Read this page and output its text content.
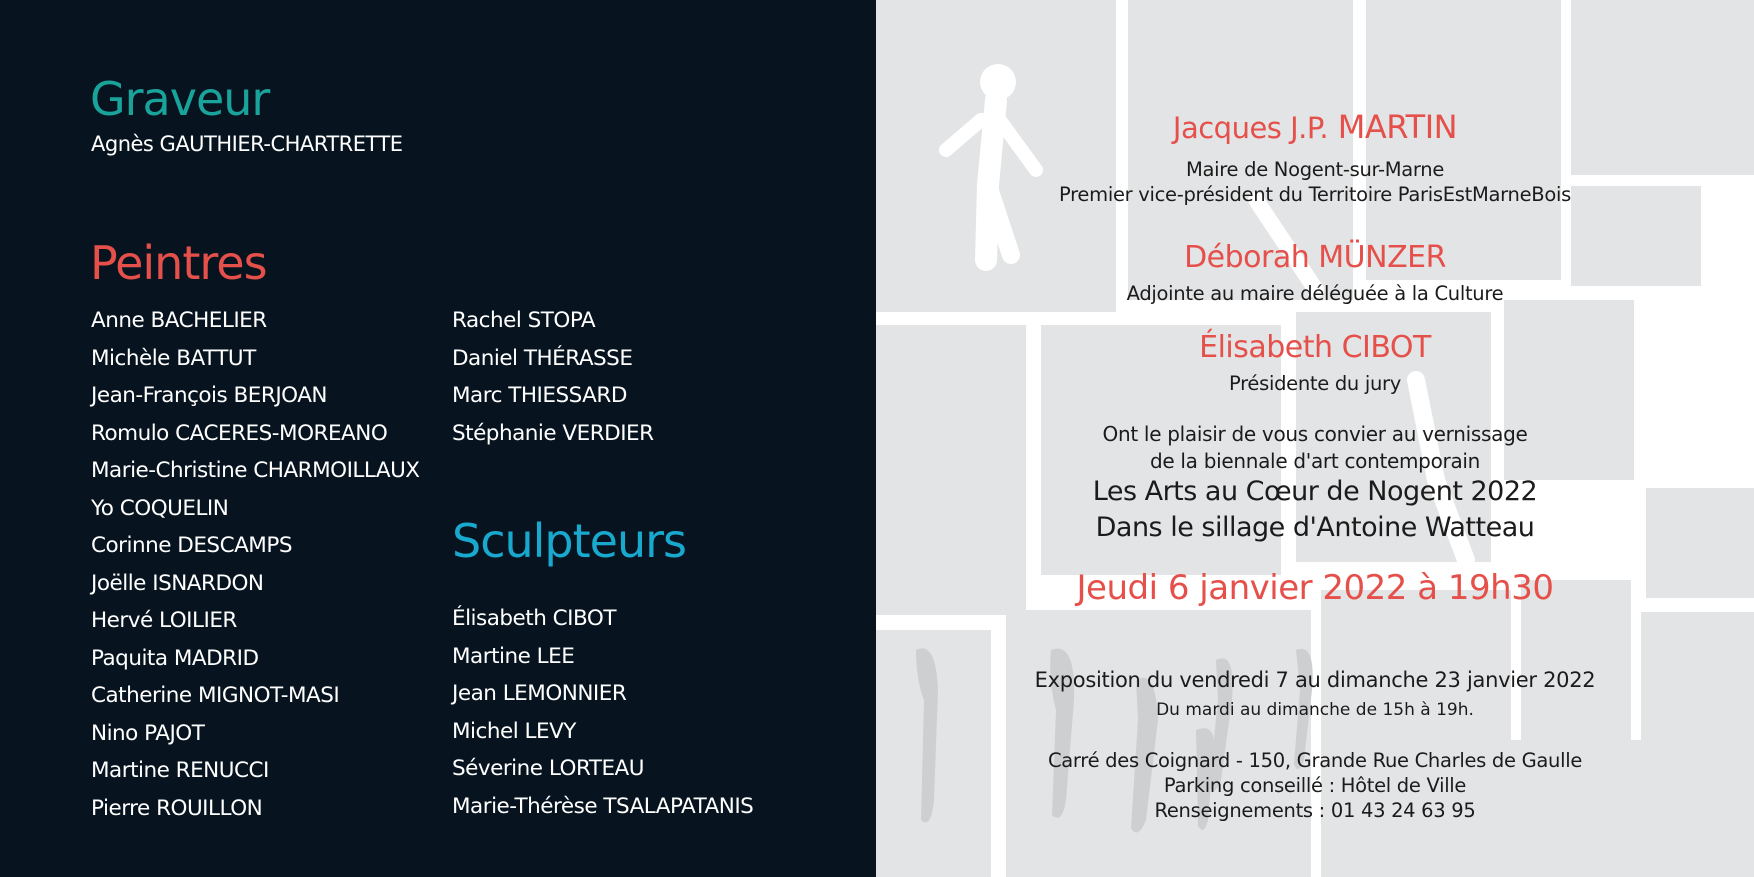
Graveur
Agnès GAUTHIER-CHARTRETTE
Peintres
Anne BACHELIER
Michèle BATTUT
Jean-François BERJOAN
Romulo CACERES-MOREANO
Marie-Christine CHARMOILLAUX
Yo COQUELIN
Corinne DESCAMPS
Joëlle ISNARDON
Hervé LOILIER
Paquita MADRID
Catherine MIGNOT-MASI
Nino PAJOT
Martine RENUCCI
Pierre ROUILLON
Rachel STOPA
Daniel THÉRASSE
Marc THIESSARD
Stéphanie VERDIER
Sculpteurs
Élisabeth CIBOT
Martine LEE
Jean LEMONNIER
Michel LEVY
Séverine LORTEAU
Marie-Thérèse TSALAPATANIS
Jacques J.P. MARTIN
Maire de Nogent-sur-Marne
Premier vice-président du Territoire ParisEstMarneBois
Déborah MÜNZER
Adjointe au maire déléguée à la Culture
Élisabeth CIBOT
Présidente du jury
Ont le plaisir de vous convier au vernissage
de la biennale d'art contemporain
Les Arts au Cœur de Nogent 2022
Dans le sillage d'Antoine Watteau
Jeudi 6 janvier 2022 à 19h30
Exposition du vendredi 7 au dimanche 23 janvier 2022
Du mardi au dimanche de 15h à 19h.
Carré des Coignard - 150, Grande Rue Charles de Gaulle
Parking conseillé : Hôtel de Ville
Renseignements : 01 43 24 63 95
